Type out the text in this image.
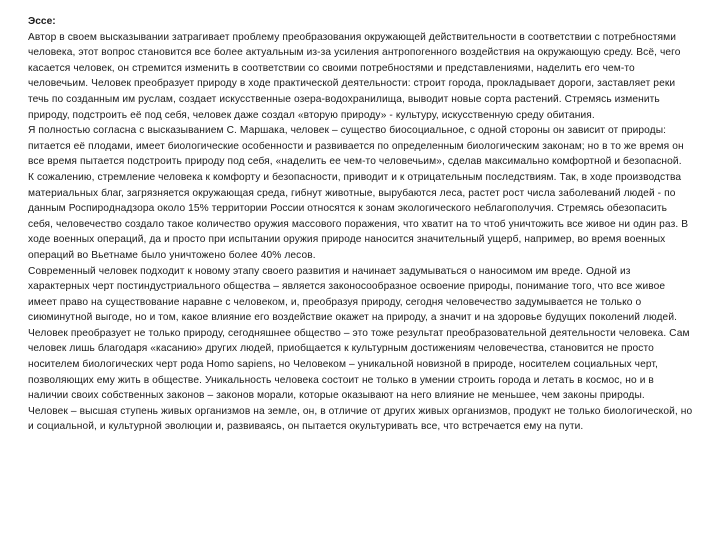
Эссе:

Автор в своем высказывании затрагивает проблему преобразования окружающей действительности в соответствии с потребностями человека, этот вопрос становится все более актуальным из-за усиления антропогенного воздействия на окружающую среду. Всё, чего касается человек, он стремится изменить в соответствии со своими потребностями и представлениями, наделить его чем-то человечьим. Человек преобразует природу в ходе практической деятельности: строит города, прокладывает дороги, заставляет реки течь по созданным им руслам, создает искусственные озера-водохранилища, выводит новые сорта растений. Стремясь изменить природу, подстроить её под себя, человек даже создал «вторую природу» - культуру, искусственную среду обитания.

Я полностью согласна с высказыванием С. Маршака, человек – существо биосоциальное, с одной стороны он зависит от природы: питается её плодами, имеет биологические особенности и развивается по определенным биологическим законам; но в то же время он все время пытается подстроить природу под себя, «наделить ее чем-то человечьим», сделав максимально комфортной и безопасной.

К сожалению, стремление человека к комфорту и безопасности, приводит и к отрицательным последствиям. Так, в ходе производства материальных благ, загрязняется окружающая среда, гибнут животные, вырубаются леса, растет рост числа заболеваний людей - по данным Роспироднадзора около 15% территории России относятся к зонам экологического неблагополучия. Стремясь обезопасить себя, человечество создало такое количество оружия массового поражения, что хватит на то чтоб уничтожить все живое ни один раз. В ходе военных операций, да и просто при испытании оружия природе наносится значительный ущерб, например, во время военных операций во Вьетнаме было уничтожено более 40% лесов.

Современный человек подходит к новому этапу своего развития и начинает задумываться о наносимом им вреде. Одной из характерных черт постиндустриального общества – является законосообразное освоение природы, понимание того, что все живое имеет право на существование наравне с человеком, и, преобразуя природу, сегодня человечество задумывается не только о сиюминутной выгоде, но и том, какое влияние его воздействие окажет на природу, а значит и на здоровье будущих поколений людей.

Человек преобразует не только природу, сегодняшнее общество – это тоже результат преобразовательной деятельности человека. Сам человек лишь благодаря «касанию» других людей, приобщается к культурным достижениям человечества, становится не просто носителем биологических черт рода Homo sapiens, но Человеком – уникальной новизной в природе, носителем социальных черт, позволяющих ему жить в обществе. Уникальность человека состоит не только в умении строить города и летать в космос, но и в наличии своих собственных законов – законов морали, которые оказывают на него влияние не меньшее, чем законы природы.

Человек – высшая ступень живых организмов на земле, он, в отличие от других живых организмов, продукт не только биологической, но и социальной, и культурной эволюции и, развиваясь, он пытается окультуривать все, что встречается ему на пути.
